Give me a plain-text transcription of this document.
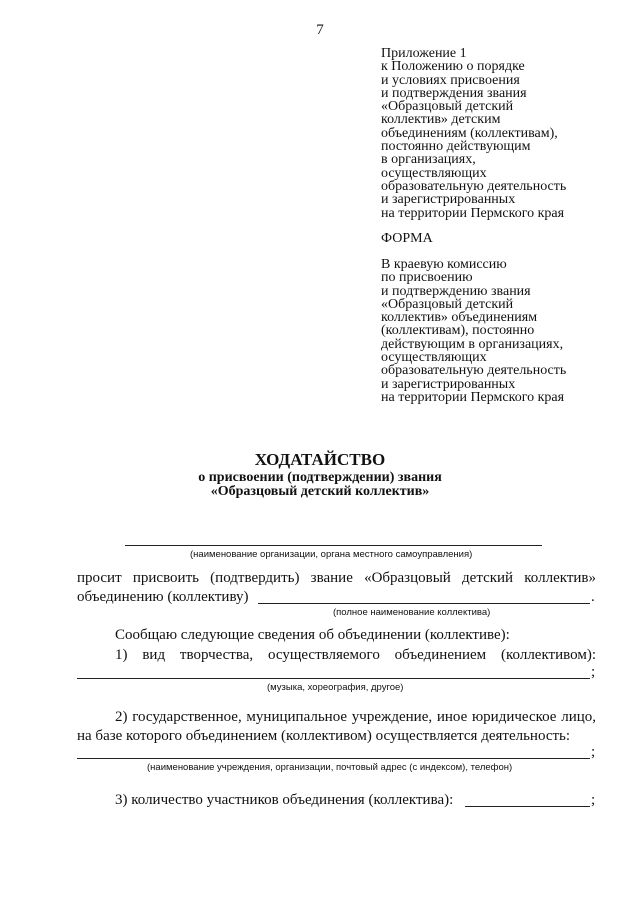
7
Приложение 1
к Положению о порядке
и условиях присвоения
и подтверждения звания
«Образцовый детский
коллектив» детским
объединениям (коллективам),
постоянно действующим
в организациях,
осуществляющих
образовательную деятельность
и зарегистрированных
на территории Пермского края
ФОРМА
В краевую комиссию
по присвоению
и подтверждению звания
«Образцовый детский
коллектив» объединениям
(коллективам), постоянно
действующим в организациях,
осуществляющих
образовательную деятельность
и зарегистрированных
на территории Пермского края
ХОДАТАЙСТВО
о присвоении (подтверждении) звания
«Образцовый детский коллектив»
(наименование организации, органа местного самоуправления)
просит присвоить (подтвердить) звание «Образцовый детский коллектив»
объединению (коллективу)	.
(полное наименование коллектива)
Сообщаю следующие сведения об объединении (коллективе):
1) вид творчества, осуществляемого объединением (коллективом):
;
(музыка, хореография, другое)
2) государственное, муниципальное учреждение, иное юридическое лицо,
на базе которого объединением (коллективом) осуществляется деятельность:
;
(наименование учреждения, организации, почтовый адрес (с индексом), телефон)
3) количество участников объединения (коллектива):	;
